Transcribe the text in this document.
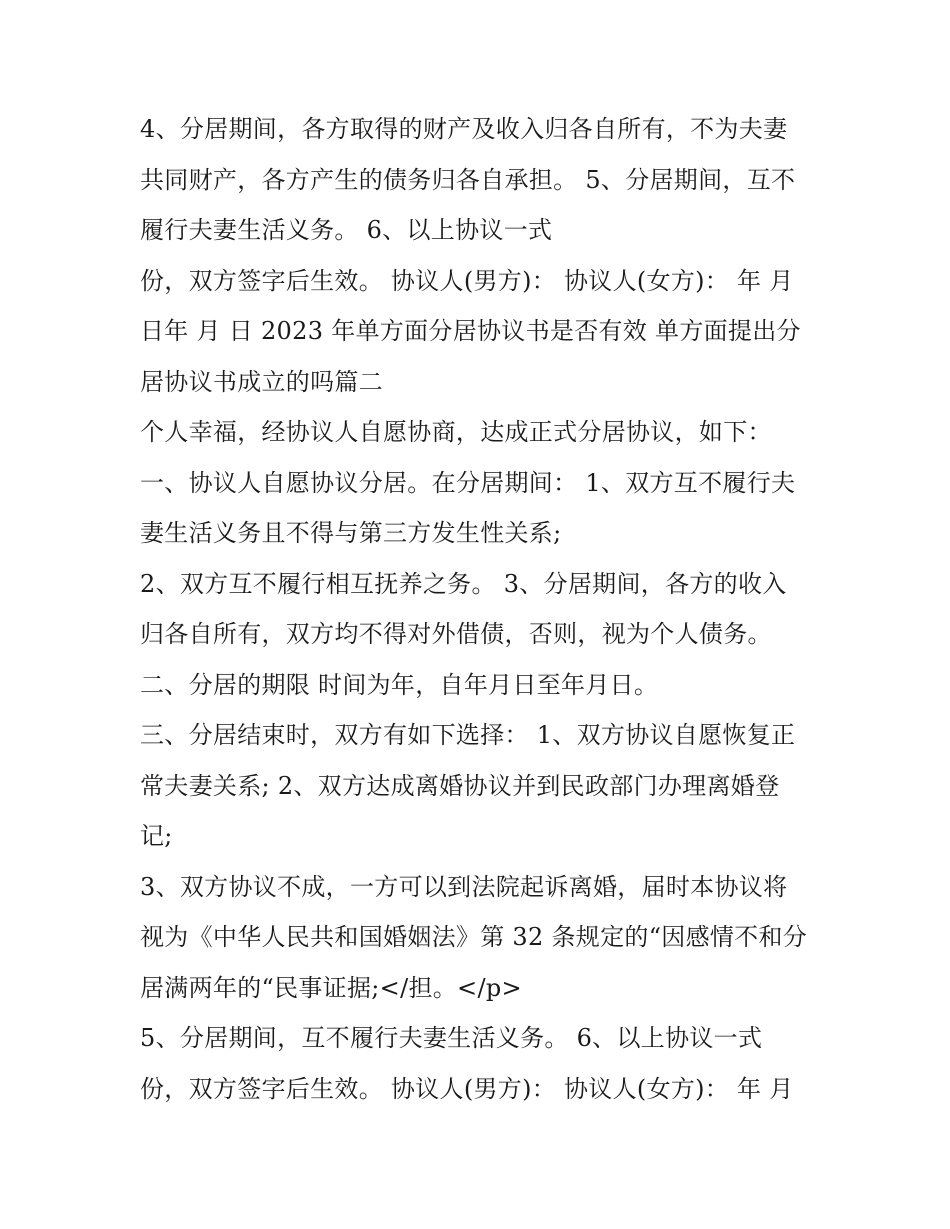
4、分居期间，各方取得的财产及收入归各自所有，不为夫妻
共同财产，各方产生的债务归各自承担。 5、分居期间，互不
履行夫妻生活义务。 6、以上协议一式
份，双方签字后生效。 协议人(男方)： 协议人(女方)： 年 月
日年 月 日 2023 年单方面分居协议书是否有效 单方面提出分
居协议书成立的吗篇二
个人幸福，经协议人自愿协商，达成正式分居协议，如下：
一、协议人自愿协议分居。在分居期间： 1、双方互不履行夫
妻生活义务且不得与第三方发生性关系;
2、双方互不履行相互抚养之务。 3、分居期间，各方的收入
归各自所有，双方均不得对外借债，否则，视为个人债务。
二、分居的期限 时间为年，自年月日至年月日。
三、分居结束时，双方有如下选择： 1、双方协议自愿恢复正
常夫妻关系; 2、双方达成离婚协议并到民政部门办理离婚登
记;
3、双方协议不成，一方可以到法院起诉离婚，届时本协议将
视为《中华人民共和国婚姻法》第 32 条规定的“因感情不和分
居满两年的“民事证据;</担。</p>
5、分居期间，互不履行夫妻生活义务。 6、以上协议一式
份，双方签字后生效。 协议人(男方)： 协议人(女方)： 年 月
